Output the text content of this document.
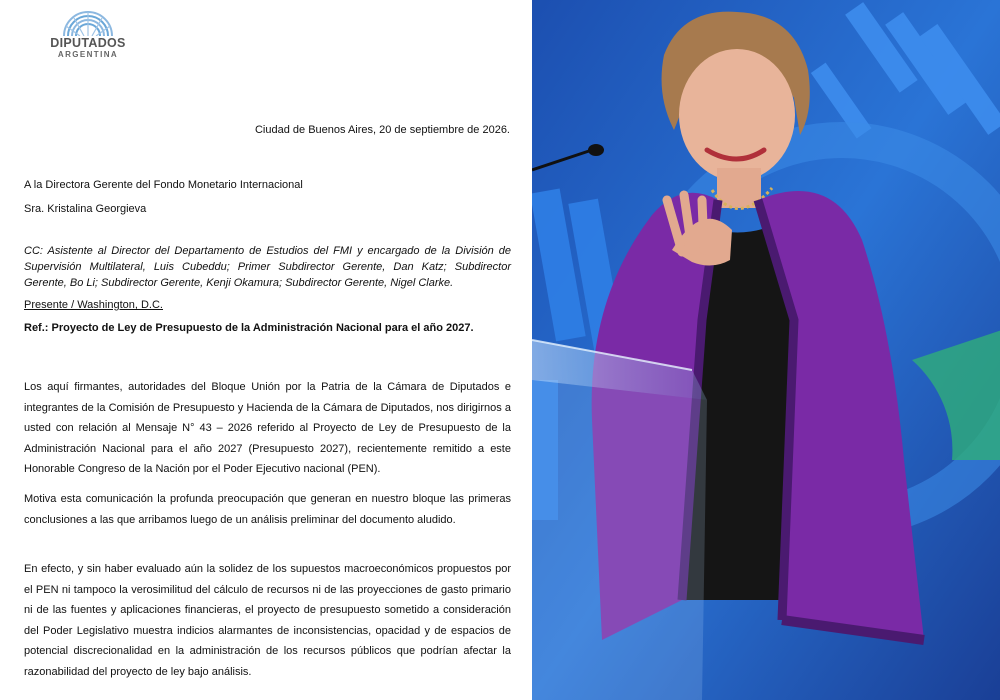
DIPUTADOS
ARGENTINA

Ciudad de Buenos Aires, 20 de septiembre de 2026.

A la Directora Gerente del Fondo Monetario Internacional

Sra. Kristalina Georgieva

CC: Asistente al Director del Departamento de Estudios del FMI y encargado de la División de Supervisión Multilateral, Luis Cubeddu; Primer Subdirector Gerente, Dan Katz; Subdirector Gerente, Bo Li; Subdirector Gerente, Kenji Okamura; Subdirector Gerente, Nigel Clarke.

Presente / Washington, D.C.

Ref.: Proyecto de Ley de Presupuesto de la Administración Nacional para el año 2027.

Los aquí firmantes, autoridades del Bloque Unión por la Patria de la Cámara de Diputados e integrantes de la Comisión de Presupuesto y Hacienda de la Cámara de Diputados, nos dirigirnos a usted con relación al Mensaje N° 43 – 2026 referido al Proyecto de Ley de Presupuesto de la Administración Nacional para el año 2027 (Presupuesto 2027), recientemente remitido a este Honorable Congreso de la Nación por el Poder Ejecutivo nacional (PEN).

Motiva esta comunicación la profunda preocupación que generan en nuestro bloque las primeras conclusiones a las que arribamos luego de un análisis preliminar del documento aludido.

En efecto, y sin haber evaluado aún la solidez de los supuestos macroeconómicos propuestos por el PEN ni tampoco la verosimilitud del cálculo de recursos ni de las proyecciones de gasto primario ni de las fuentes y aplicaciones financieras, el proyecto de presupuesto sometido a consideración del Poder Legislativo muestra indicios alarmantes de inconsistencias, opacidad y de espacios de potencial discrecionalidad en la administración de los recursos públicos que podrían afectar la razonabilidad del proyecto de ley bajo análisis.
